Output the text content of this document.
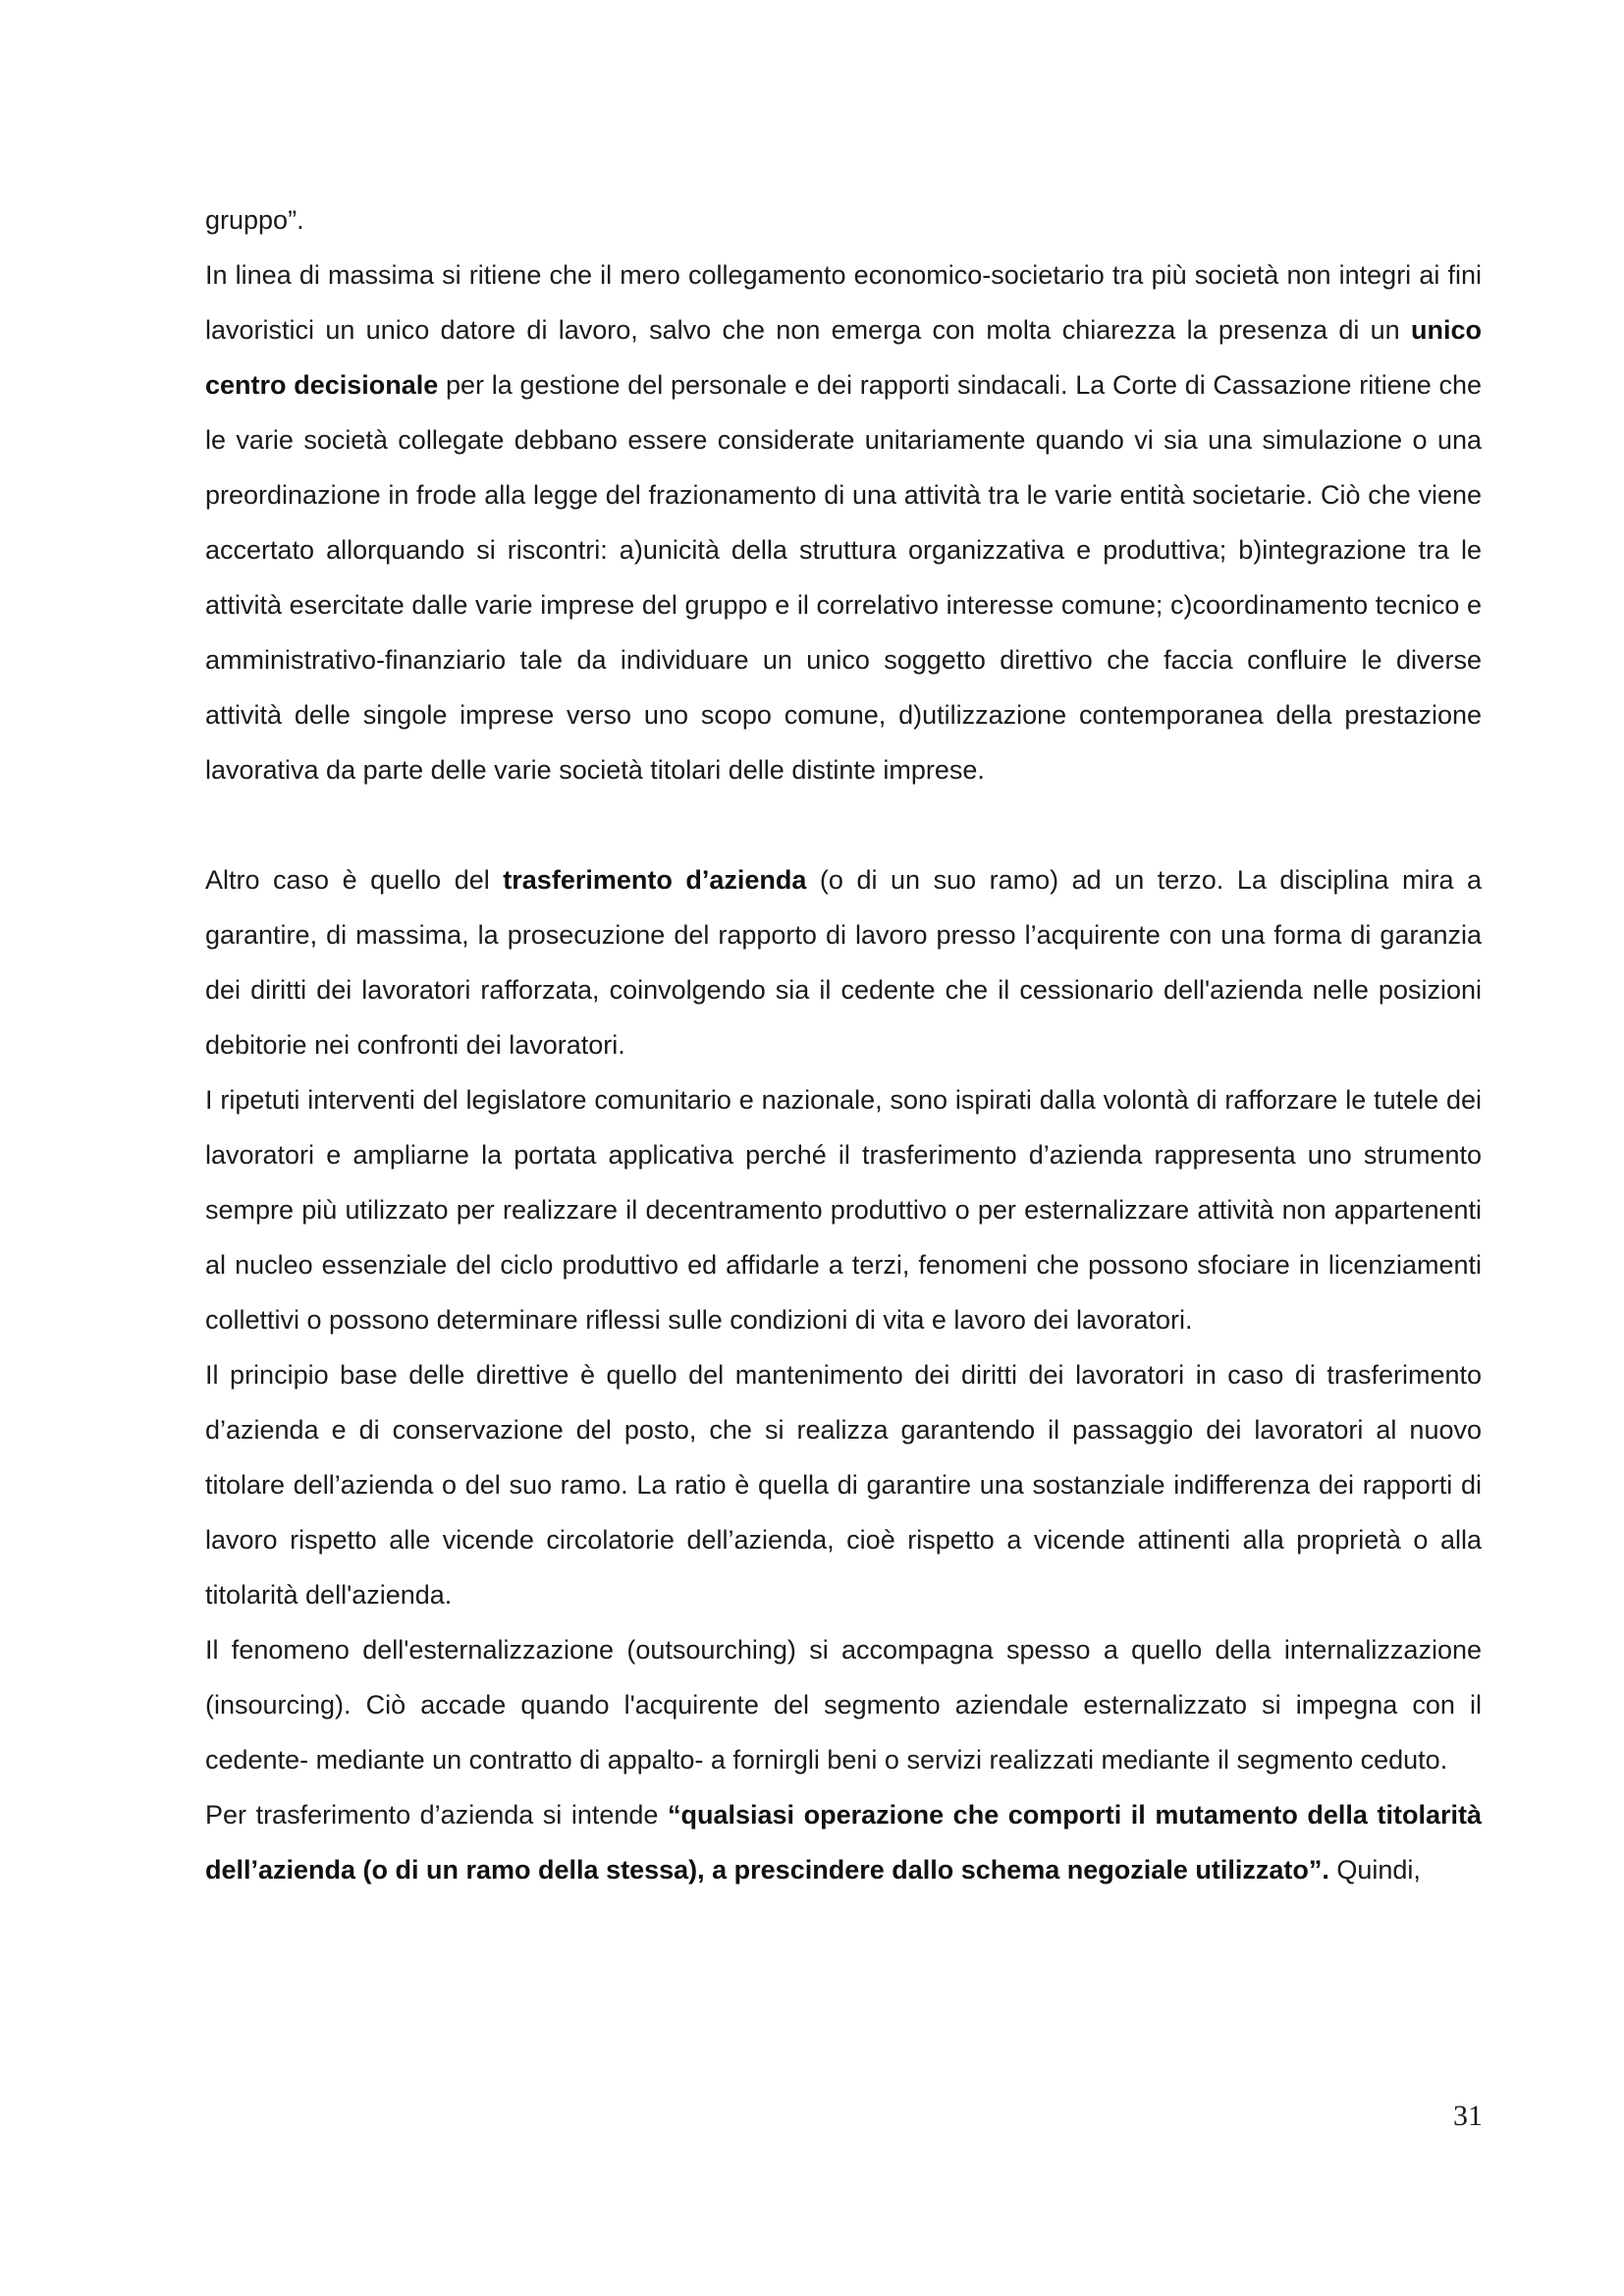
gruppo”.

In linea di massima si ritiene che il mero collegamento economico-societario tra più società non integri ai fini lavoristici un unico datore di lavoro, salvo che non emerga con molta chiarezza la presenza di un unico centro decisionale per la gestione del personale e dei rapporti sindacali. La Corte di Cassazione ritiene che le varie società collegate debbano essere considerate unitariamente quando vi sia una simulazione o una preordinazione in frode alla legge del frazionamento di una attività tra le varie entità societarie. Ciò che viene accertato allorquando si riscontri: a)unicità della struttura organizzativa e produttiva; b)integrazione tra le attività esercitate dalle varie imprese del gruppo e il correlativo interesse comune; c)coordinamento tecnico e amministrativo-finanziario tale da individuare un unico soggetto direttivo che faccia confluire le diverse attività delle singole imprese verso uno scopo comune, d)utilizzazione contemporanea della prestazione lavorativa da parte delle varie società titolari delle distinte imprese.

Altro caso è quello del trasferimento d’azienda (o di un suo ramo) ad un terzo. La disciplina mira a garantire, di massima, la prosecuzione del rapporto di lavoro presso l’acquirente con una forma di garanzia dei diritti dei lavoratori rafforzata, coinvolgendo sia il cedente che il cessionario dell'azienda nelle posizioni debitorie nei confronti dei lavoratori.

I ripetuti interventi del legislatore comunitario e nazionale, sono ispirati dalla volontà di rafforzare le tutele dei lavoratori e ampliarne la portata applicativa perché il trasferimento d’azienda rappresenta uno strumento sempre più utilizzato per realizzare il decentramento produttivo o per esternalizzare attività non appartenenti al nucleo essenziale del ciclo produttivo ed affidarle a terzi, fenomeni che possono sfociare in licenziamenti collettivi o possono determinare riflessi sulle condizioni di vita e lavoro dei lavoratori.

Il principio base delle direttive è quello del mantenimento dei diritti dei lavoratori in caso di trasferimento d’azienda e di conservazione del posto, che si realizza garantendo il passaggio dei lavoratori al nuovo titolare dell’azienda o del suo ramo. La ratio è quella di garantire una sostanziale indifferenza dei rapporti di lavoro rispetto alle vicende circolatorie dell’azienda, cioè rispetto a vicende attinenti alla proprietà o alla titolarità dell'azienda.

Il fenomeno dell'esternalizzazione (outsourching) si accompagna spesso a quello della internalizzazione (insourcing). Ciò accade quando l'acquirente del segmento aziendale esternalizzato si impegna con il cedente- mediante un contratto di appalto- a fornirgli beni o servizi realizzati mediante il segmento ceduto.

Per trasferimento d’azienda si intende “qualsiasi operazione che comporti il mutamento della titolarità dell’azienda (o di un ramo della stessa), a prescindere dallo schema negoziale utilizzato”. Quindi,

31
